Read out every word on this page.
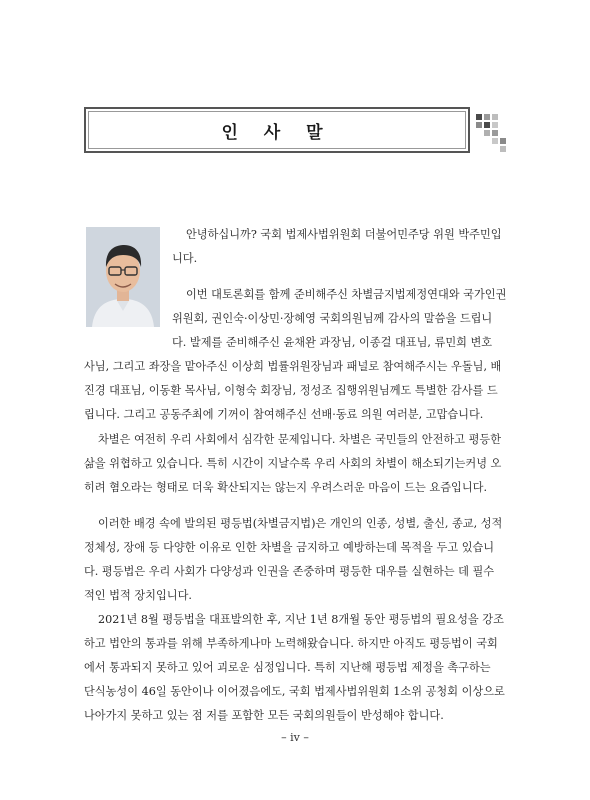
인 사 말
안녕하십니까? 국회 법제사법위원회 더불어민주당 위원 박주민입
니다.
이번 대토론회를 함께 준비해주신 차별금지법제정연대와 국가인권
위원회, 권인숙·이상민·장혜영 국회의원님께 감사의 말씀을 드립니
다. 발제를 준비해주신 윤채완 과장님, 이종걸 대표님, 류민희 변호
사님, 그리고 좌장을 맡아주신 이상희 법률위원장님과 패널로 참여해주시는 우돌님, 배
진경 대표님, 이동환 목사님, 이형숙 회장님, 정성조 집행위원님께도 특별한 감사를 드
립니다. 그리고 공동주최에 기꺼이 참여해주신 선배·동료 의원 여러분, 고맙습니다.
차별은 여전히 우리 사회에서 심각한 문제입니다. 차별은 국민들의 안전하고 평등한
삶을 위협하고 있습니다. 특히 시간이 지날수록 우리 사회의 차별이 해소되기는커녕 오
히려 혐오라는 형태로 더욱 확산되지는 않는지 우려스러운 마음이 드는 요즘입니다.
이러한 배경 속에 발의된 평등법(차별금지법)은 개인의 인종, 성별, 출신, 종교, 성적
정체성, 장애 등 다양한 이유로 인한 차별을 금지하고 예방하는데 목적을 두고 있습니
다. 평등법은 우리 사회가 다양성과 인권을 존중하며 평등한 대우를 실현하는 데 필수
적인 법적 장치입니다.
2021년 8월 평등법을 대표발의한 후, 지난 1년 8개월 동안 평등법의 필요성을 강조
하고 법안의 통과를 위해 부족하게나마 노력해왔습니다. 하지만 아직도 평등법이 국회
에서 통과되지 못하고 있어 괴로운 심정입니다. 특히 지난해 평등법 제정을 촉구하는
단식농성이 46일 동안이나 이어졌음에도, 국회 법제사법위원회 1소위 공청회 이상으로
나아가지 못하고 있는 점 저를 포함한 모든 국회의원들이 반성해야 합니다.
– iv –
